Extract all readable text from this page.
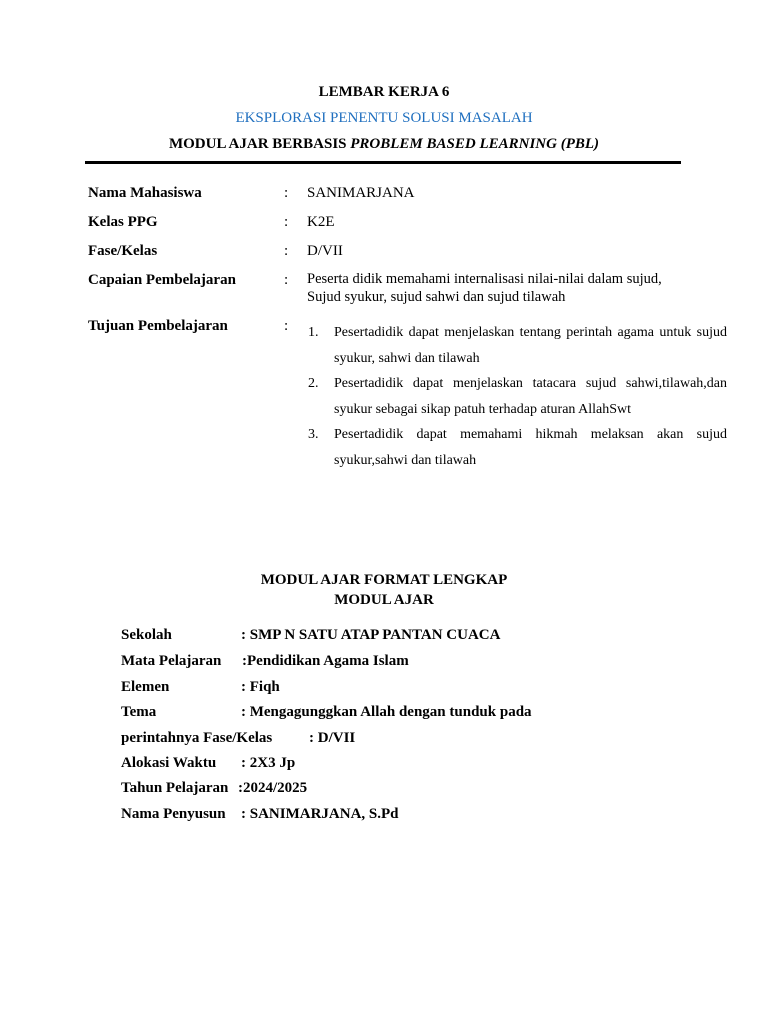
LEMBAR KERJA 6
EKSPLORASI PENENTU SOLUSI MASALAH
MODUL AJAR BERBASIS PROBLEM BASED LEARNING (PBL)
Nama Mahasiswa	: SANIMARJANA
Kelas PPG	: K2E
Fase/Kelas	: D/VII
Capaian Pembelajaran	: Peserta didik memahami internalisasi nilai-nilai dalam sujud,
Sujud syukur, sujud sahwi dan sujud tilawah
Tujuan Pembelajaran	: 1. Pesertadidik dapat menjelaskan tentang perintah agama untuk sujud syukur, sahwi dan tilawah
2. Pesertadidik dapat menjelaskan tatacara sujud sahwi,tilawah,dan syukur sebagai sikap patuh terhadap aturan AllahSwt
3. Pesertadidik dapat memahami hikmah melaksan akan sujud syukur,sahwi dan tilawah
MODUL AJAR FORMAT LENGKAP
MODUL AJAR
Sekolah	: SMP N SATU ATAP PANTAN CUACA
Mata Pelajaran :Pendidikan Agama Islam
Elemen	: Fiqh
Tema	: Mengagunggkan Allah dengan tunduk pada
perintahnya Fase/Kelas : D/VII
Alokasi Waktu : 2X3 Jp
Tahun Pelajaran :2024/2025
Nama Penyusun : SANIMARJANA, S.Pd
